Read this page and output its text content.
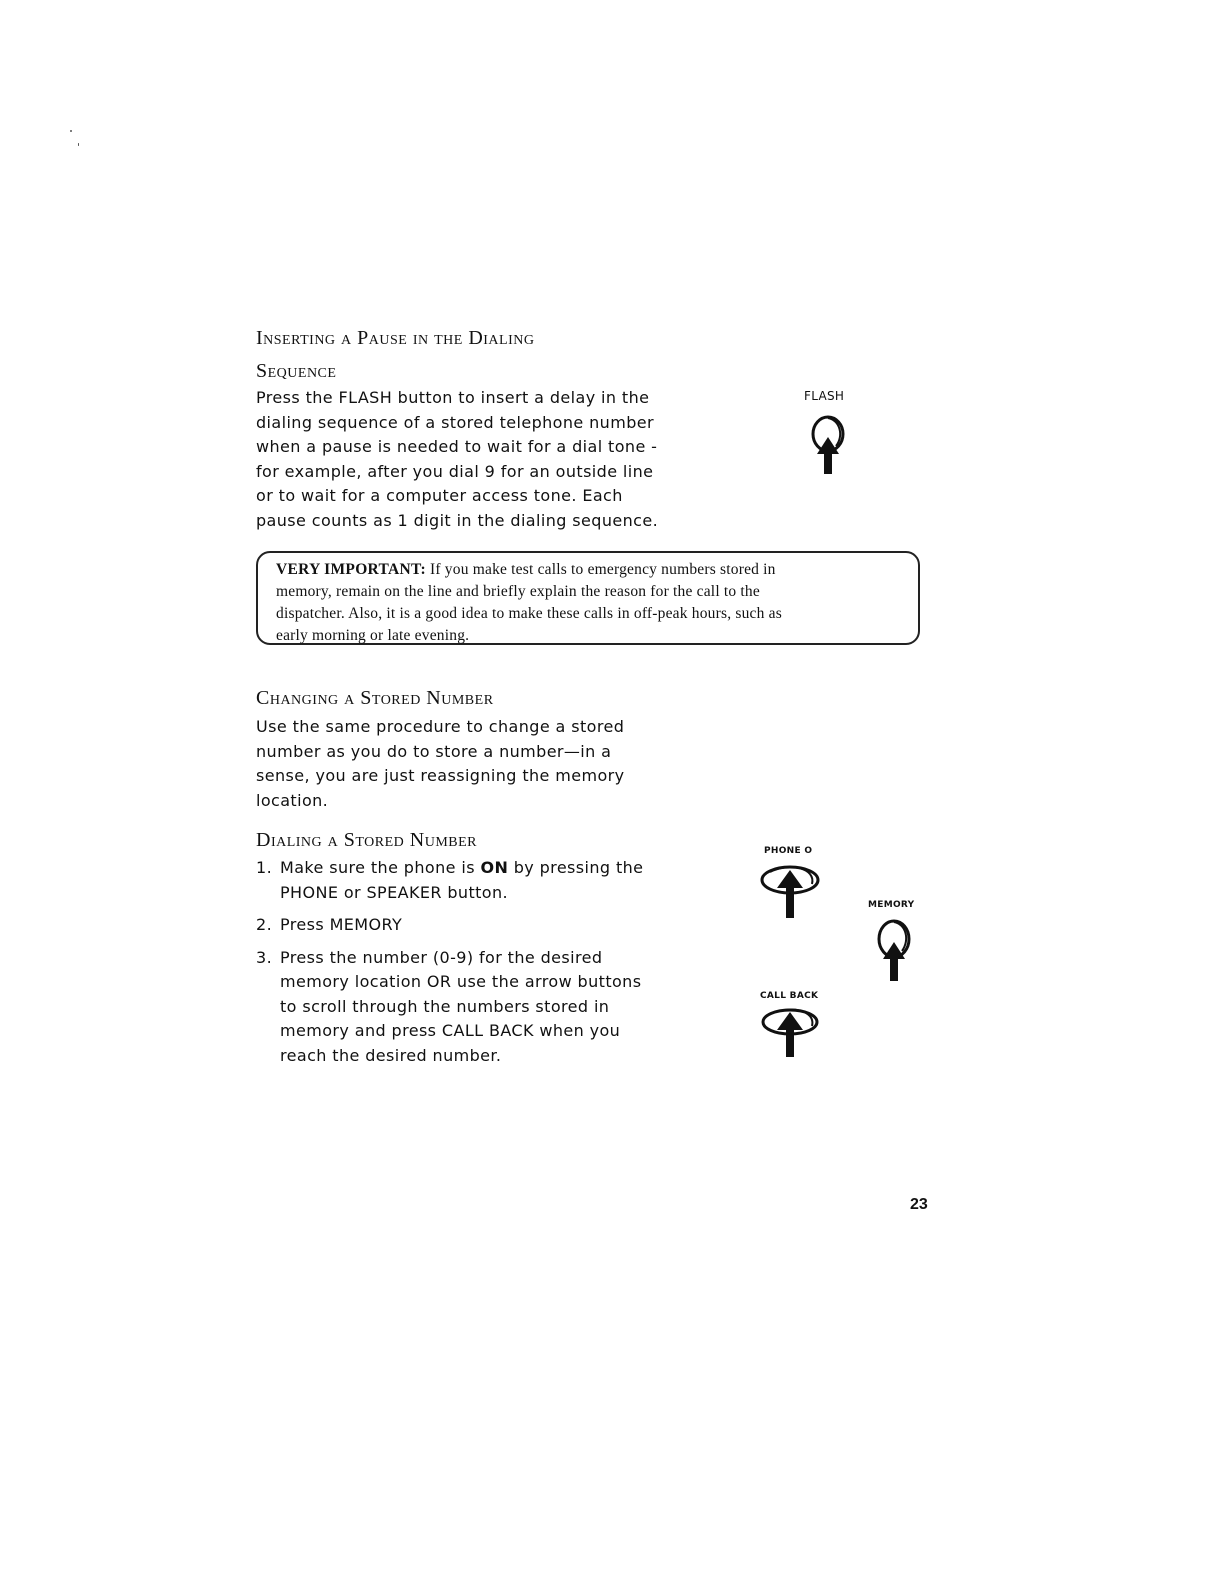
Inserting a Pause in the Dialing
Sequence
Press the FLASH button to insert a delay in the
dialing sequence of a stored telephone number
when a pause is needed to wait for a dial tone -
for example, after you dial 9 for an outside line
or to wait for a computer access tone. Each
pause counts as 1 digit in the dialing sequence.
FLASH
VERY IMPORTANT: If you make test calls to emergency numbers stored in
memory, remain on the line and briefly explain the reason for the call to the
dispatcher. Also, it is a good idea to make these calls in off-peak hours, such as
early morning or late evening.
Changing a Stored Number
Use the same procedure to change a stored
number as you do to store a number—in a
sense, you are just reassigning the memory
location.
Dialing a Stored Number
1. Make sure the phone is ON by pressing the
PHONE or SPEAKER button.
2. Press MEMORY
3. Press the number (0-9) for the desired
memory location OR use the arrow buttons
to scroll through the numbers stored in
memory and press CALL BACK when you
reach the desired number.
PHONE O
MEMORY
CALL BACK
23
